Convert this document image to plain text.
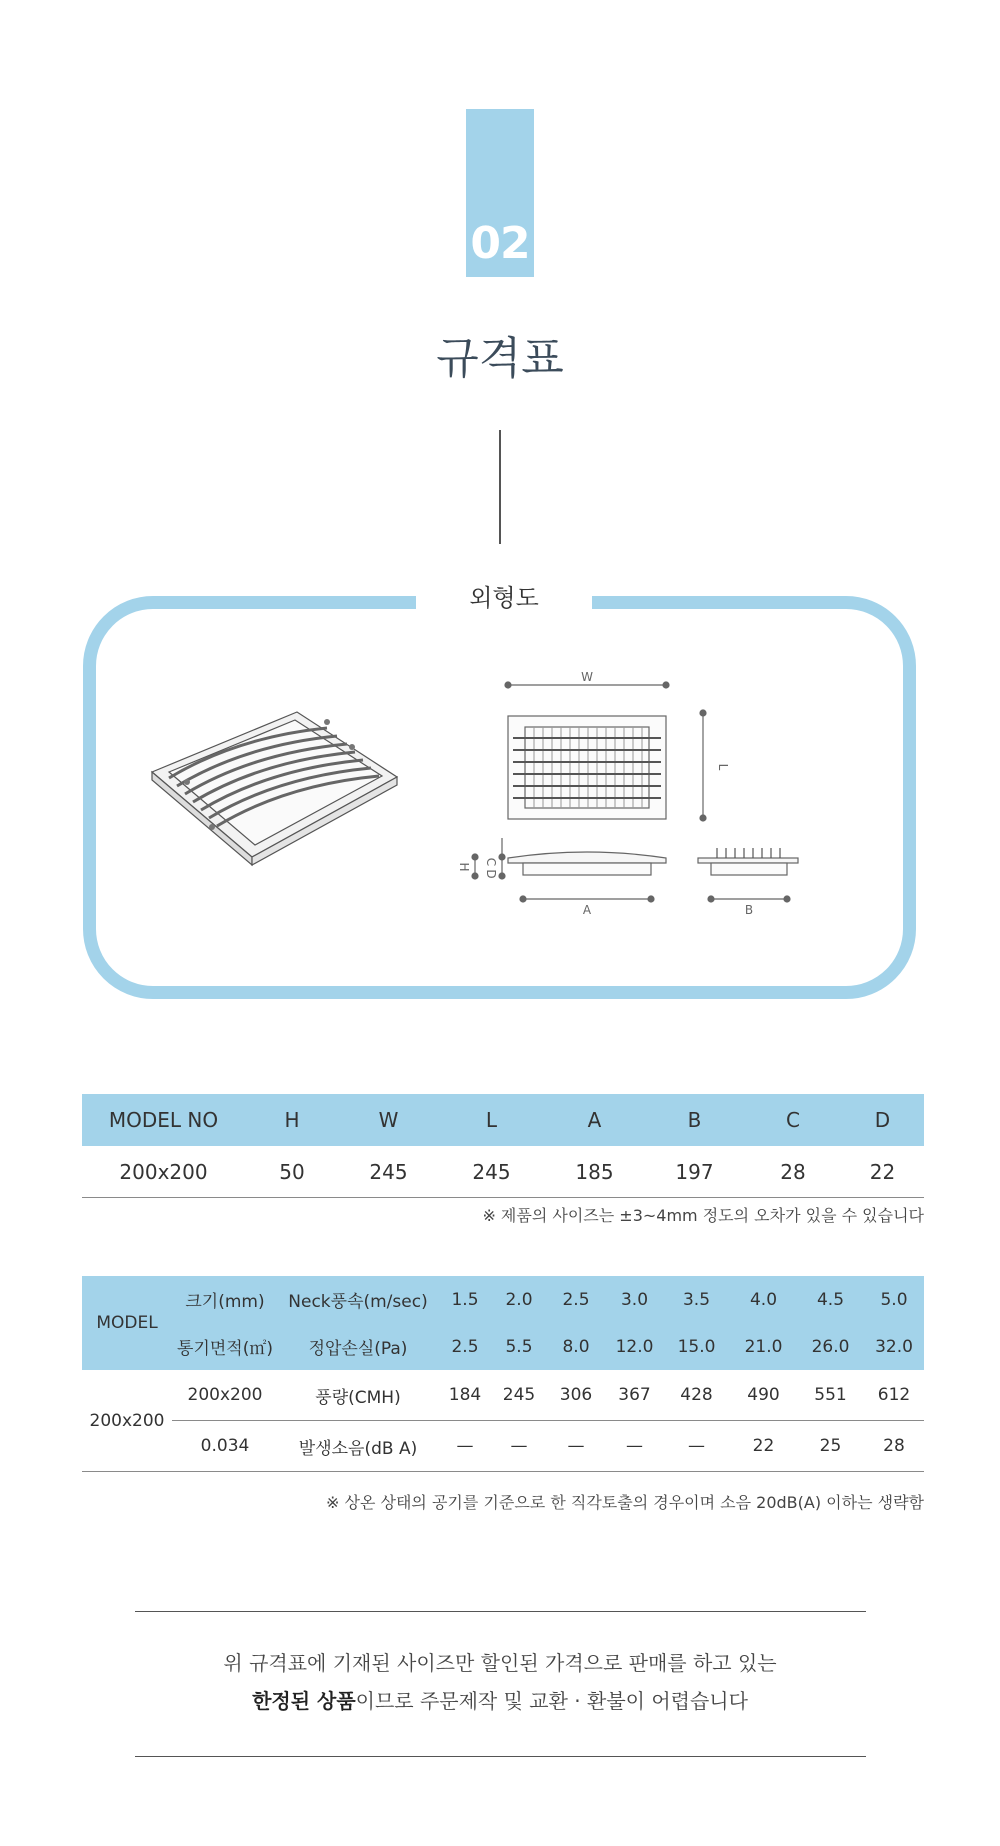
02
규격표
외형도
W
L
H
C
D
A	B
MODEL NO	H	W	L	A	B	C	D
200x200	50	245	245	185	197	28	22
※ 제품의 사이즈는 ±3~4mm 정도의 오차가 있을 수 있습니다
MODEL	크기(mm)	Neck풍속(m/sec)	1.5	2.0	2.5	3.0	3.5	4.0	4.5	5.0
	통기면적(㎡)	정압손실(Pa)	2.5	5.5	8.0	12.0	15.0	21.0	26.0	32.0
200x200	200x200	풍량(CMH)	184	245	306	367	428	490	551	612
	0.034	발생소음(dB A)	—	—	—	—	—	22	25	28
※ 상온 상태의 공기를 기준으로 한 직각토출의 경우이며 소음 20dB(A) 이하는 생략함
위 규격표에 기재된 사이즈만 할인된 가격으로 판매를 하고 있는
한정된 상품이므로 주문제작 및 교환 · 환불이 어렵습니다
